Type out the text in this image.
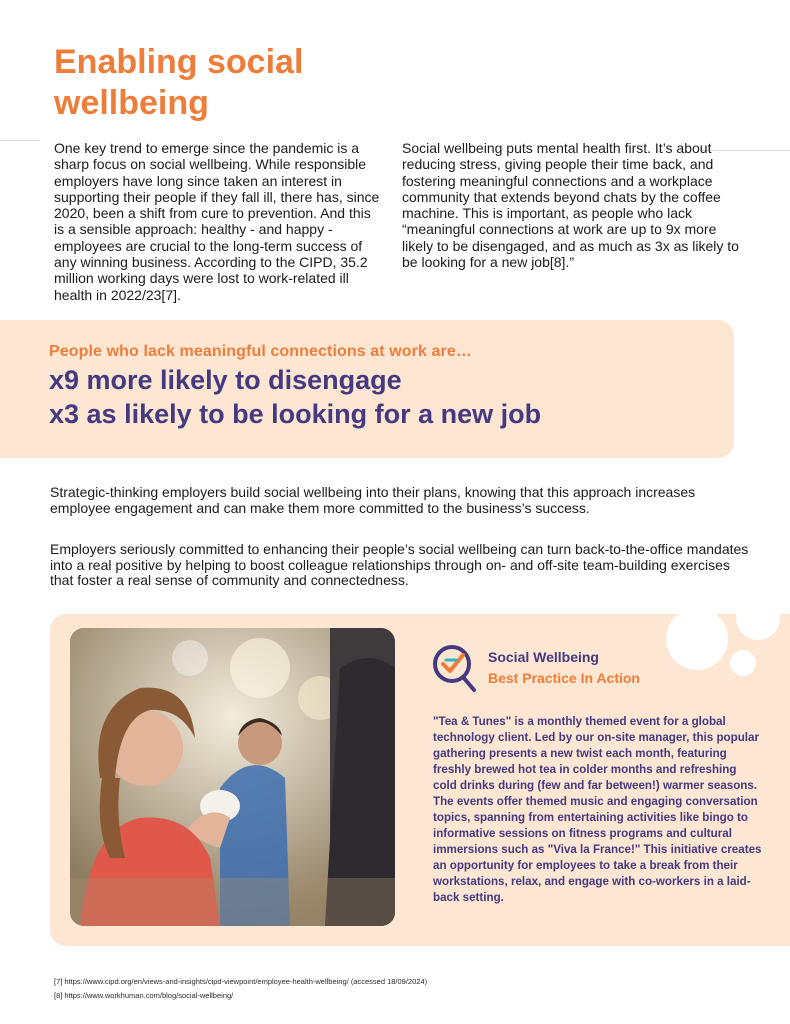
Enabling social wellbeing

One key trend to emerge since the pandemic is a sharp focus on social wellbeing. While responsible employers have long since taken an interest in supporting their people if they fall ill, there has, since 2020, been a shift from cure to prevention. And this is a sensible approach: healthy - and happy - employees are crucial to the long-term success of any winning business. According to the CIPD, 35.2 million working days were lost to work-related ill health in 2022/23[7].

Social wellbeing puts mental health first. It’s about reducing stress, giving people their time back, and fostering meaningful connections and a workplace community that extends beyond chats by the coffee machine. This is important, as people who lack “meaningful connections at work are up to 9x more likely to be disengaged, and as much as 3x as likely to be looking for a new job[8].”

People who lack meaningful connections at work are…

x9 more likely to disengage

x3 as likely to be looking for a new job

Strategic-thinking employers build social wellbeing into their plans, knowing that this approach increases employee engagement and can make them more committed to the business’s success.

Employers seriously committed to enhancing their people’s social wellbeing can turn back-to-the-office mandates into a real positive by helping to boost colleague relationships through on- and off-site team-building exercises that foster a real sense of community and connectedness.

Social Wellbeing

Best Practice In Action

"Tea & Tunes" is a monthly themed event for a global technology client. Led by our on-site manager, this popular gathering presents a new twist each month, featuring freshly brewed hot tea in colder months and refreshing cold drinks during (few and far between!) warmer seasons. The events offer themed music and engaging conversation topics, spanning from entertaining activities like bingo to informative sessions on fitness programs and cultural immersions such as "Viva la France!" This initiative creates an opportunity for employees to take a break from their workstations, relax, and engage with co-workers in a laid-back setting.

[7] https://www.cipd.org/en/views-and-insights/cipd-viewpoint/employee-health-wellbeing/ (accessed 18/09/2024)

[8] https://www.workhuman.com/blog/social-wellbeing/
